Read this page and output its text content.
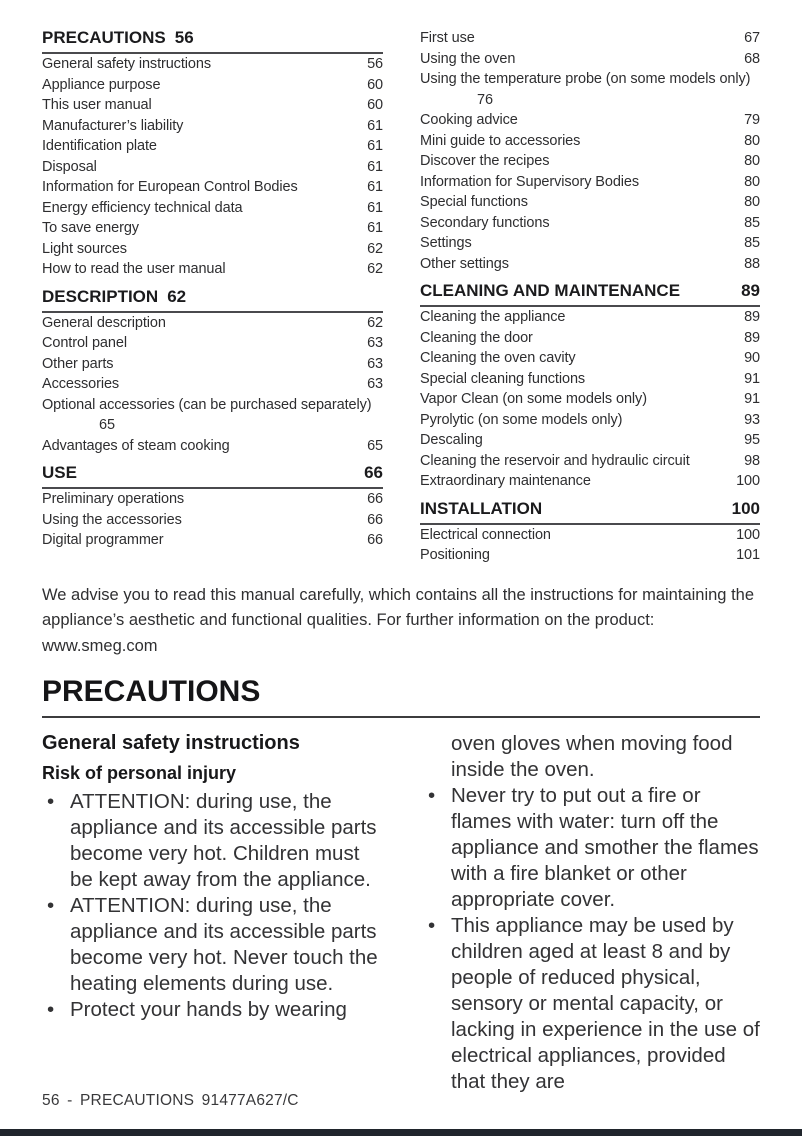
PRECAUTIONS 56
General safety instructions	56
Appliance purpose	60
This user manual	60
Manufacturer’s liability	61
Identification plate	61
Disposal	61
Information for European Control Bodies	61
Energy efficiency technical data	61
To save energy	61
Light sources	62
How to read the user manual	62
DESCRIPTION 62
General description	62
Control panel	63
Other parts	63
Accessories	63
Optional accessories (can be purchased separately)
65
Advantages of steam cooking	65
USE	66
Preliminary operations	66
Using the accessories	66
Digital programmer	66
First use	67
Using the oven	68
Using the temperature probe (on some models only)
76
Cooking advice	79
Mini guide to accessories	80
Discover the recipes	80
Information for Supervisory Bodies	80
Special functions	80
Secondary functions	85
Settings	85
Other settings	88
CLEANING AND MAINTENANCE	89
Cleaning the appliance	89
Cleaning the door	89
Cleaning the oven cavity	90
Special cleaning functions	91
Vapor Clean (on some models only)	91
Pyrolytic (on some models only)	93
Descaling	95
Cleaning the reservoir and hydraulic circuit	98
Extraordinary maintenance	100
INSTALLATION	100
Electrical connection	100
Positioning	101

We advise you to read this manual carefully, which contains all the instructions for maintaining the appliance’s aesthetic and functional qualities. For further information on the product: www.smeg.com

PRECAUTIONS
General safety instructions
Risk of personal injury
• ATTENTION: during use, the appliance and its accessible parts become very hot. Children must be kept away from the appliance.
• ATTENTION: during use, the appliance and its accessible parts become very hot. Never touch the heating elements during use.
• Protect your hands by wearing

oven gloves when moving food inside the oven.

• Never try to put out a fire or flames with water: turn off the appliance and smother the flames with a fire blanket or other appropriate cover.
• This appliance may be used by children aged at least 8 and by people of reduced physical, sensory or mental capacity, or lacking in experience in the use of electrical appliances, provided that they are
56 - PRECAUTIONS 91477A627/C
